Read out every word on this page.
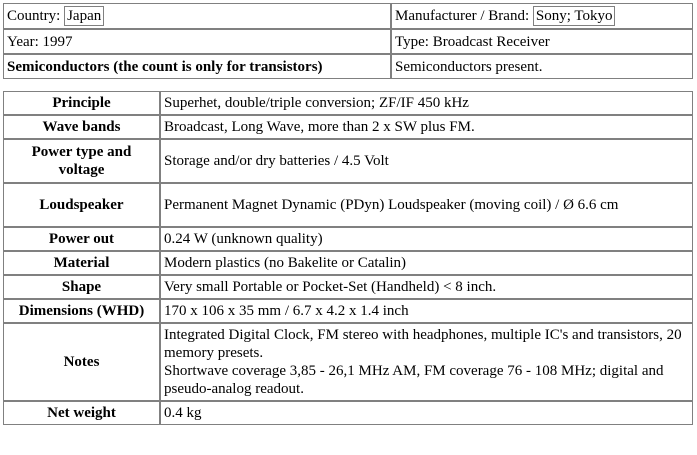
Country: Japan	Manufacturer / Brand: Sony; Tokyo
Year: 1997	Type: Broadcast Receiver
Semiconductors (the count is only for transistors)	Semiconductors present.
Principle	Superhet, double/triple conversion; ZF/IF 450 kHz
Wave bands	Broadcast, Long Wave, more than 2 x SW plus FM.
Power type and voltage	Storage and/or dry batteries / 4.5 Volt
Loudspeaker	Permanent Magnet Dynamic (PDyn) Loudspeaker (moving coil) / Ø 6.6 cm
Power out	0.24 W (unknown quality)
Material	Modern plastics (no Bakelite or Catalin)
Shape	Very small Portable or Pocket-Set (Handheld) < 8 inch.
Dimensions (WHD)	170 x 106 x 35 mm / 6.7 x 4.2 x 1.4 inch
Notes	Integrated Digital Clock, FM stereo with headphones, multiple IC's and transistors, 20 memory presets.
Shortwave coverage 3,85 - 26,1 MHz AM, FM coverage 76 - 108 MHz; digital and pseudo-analog readout.

Net weight	0.4 kg
